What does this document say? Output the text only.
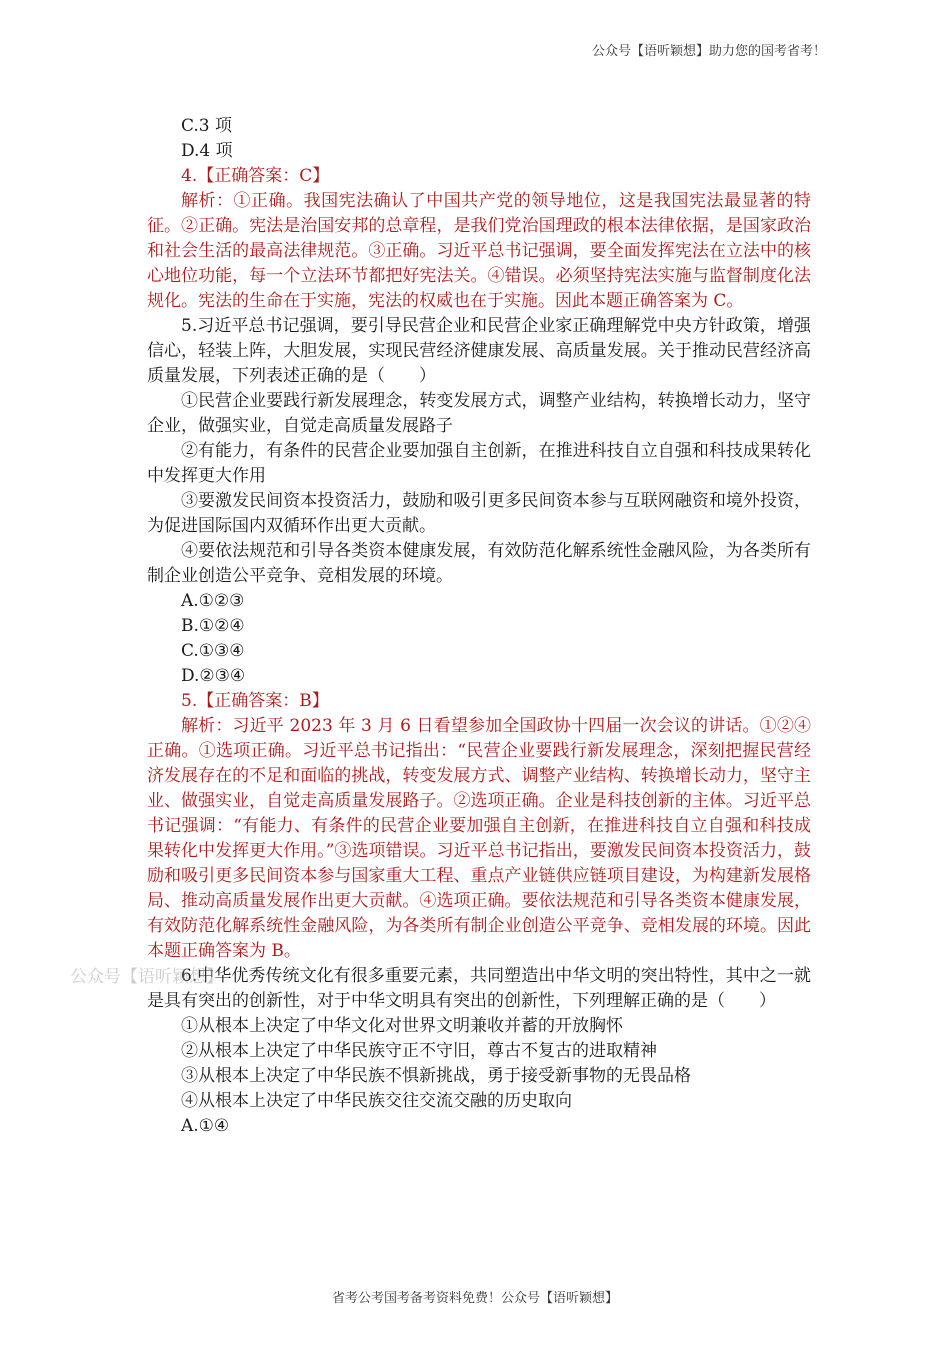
公众号【语听颖想】助力您的国考省考！

C.3 项

D.4 项

4.【正确答案：C】

解析：①正确。我国宪法确认了中国共产党的领导地位，这是我国宪法最显著的特征。②正确。宪法是治国安邦的总章程，是我们党治国理政的根本法律依据，是国家政治和社会生活的最高法律规范。③正确。习近平总书记强调，要全面发挥宪法在立法中的核心地位功能，每一个立法环节都把好宪法关。④错误。必须坚持宪法实施与监督制度化法规化。宪法的生命在于实施，宪法的权威也在于实施。因此本题正确答案为 C。

5.习近平总书记强调，要引导民营企业和民营企业家正确理解党中央方针政策，增强信心，轻装上阵，大胆发展，实现民营经济健康发展、高质量发展。关于推动民营经济高质量发展，下列表述正确的是（　　）

①民营企业要践行新发展理念，转变发展方式，调整产业结构，转换增长动力，坚守企业，做强实业，自觉走高质量发展路子

②有能力，有条件的民营企业要加强自主创新，在推进科技自立自强和科技成果转化中发挥更大作用

③要激发民间资本投资活力，鼓励和吸引更多民间资本参与互联网融资和境外投资，为促进国际国内双循环作出更大贡献。

④要依法规范和引导各类资本健康发展，有效防范化解系统性金融风险，为各类所有制企业创造公平竞争、竞相发展的环境。

A.①②③

B.①②④

C.①③④

D.②③④

5.【正确答案：B】

解析：习近平 2023 年 3 月 6 日看望参加全国政协十四届一次会议的讲话。①②④正确。①选项正确。习近平总书记指出：“民营企业要践行新发展理念，深刻把握民营经济发展存在的不足和面临的挑战，转变发展方式、调整产业结构、转换增长动力，坚守主业、做强实业，自觉走高质量发展路子。②选项正确。企业是科技创新的主体。习近平总书记强调：“有能力、有条件的民营企业要加强自主创新，在推进科技自立自强和科技成果转化中发挥更大作用。”③选项错误。习近平总书记指出，要激发民间资本投资活力，鼓励和吸引更多民间资本参与国家重大工程、重点产业链供应链项目建设，为构建新发展格局、推动高质量发展作出更大贡献。④选项正确。要依法规范和引导各类资本健康发展，有效防范化解系统性金融风险，为各类所有制企业创造公平竞争、竞相发展的环境。因此本题正确答案为 B。

6.中华优秀传统文化有很多重要元素，共同塑造出中华文明的突出特性，其中之一就是具有突出的创新性，对于中华文明具有突出的创新性，下列理解正确的是（　　）

①从根本上决定了中华文化对世界文明兼收并蓄的开放胸怀

②从根本上决定了中华民族守正不守旧，尊古不复古的进取精神

③从根本上决定了中华民族不惧新挑战，勇于接受新事物的无畏品格

④从根本上决定了中华民族交往交流交融的历史取向

A.①④

公众号【语听颖想】
省考公考国考备考资料免费！公众号【语听颖想】
